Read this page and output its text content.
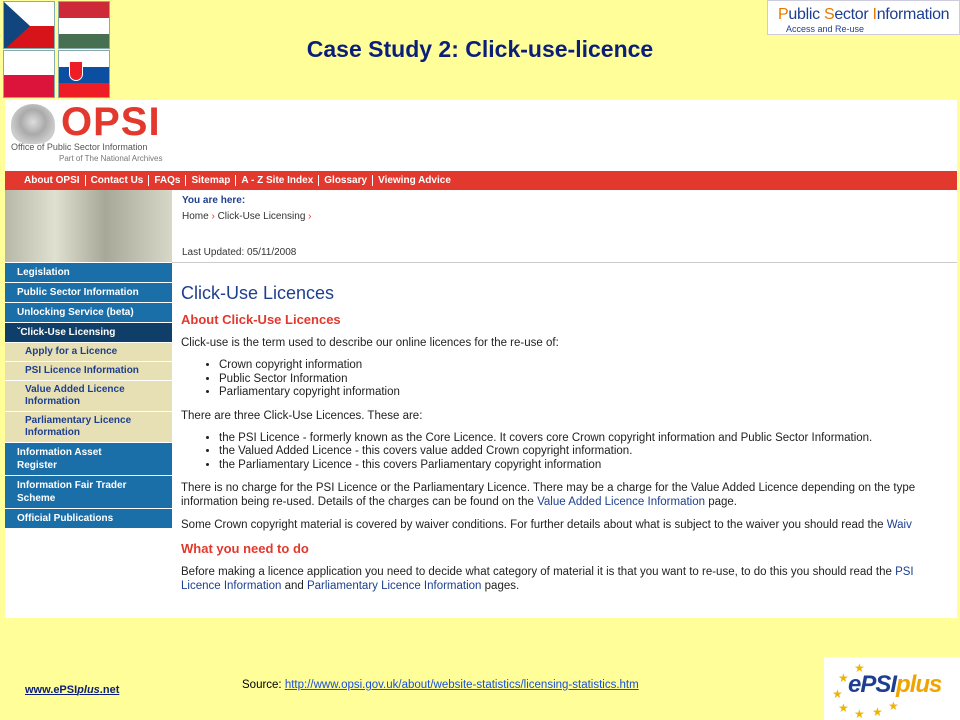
Case Study 2: Click-use-licence
Public Sector Information
Access and Re-use
OPSI
Office of Public Sector Information
Part of The National Archives
About OPSI	Contact Us	FAQs	Sitemap	A - Z Site Index	Glossary	Viewing Advice
You are here:
Home › Click-Use Licensing ›
Last Updated: 05/11/2008
Legislation
Public Sector Information
Unlocking Service (beta)
ˇClick-Use Licensing
Apply for a Licence
PSI Licence Information
Value Added Licence Information
Parliamentary Licence Information
Information Asset Register
Information Fair Trader Scheme
Official Publications
Click-Use Licences
About Click-Use Licences
Click-use is the term used to describe our online licences for the re-use of:
• Crown copyright information
• Public Sector Information
• Parliamentary copyright information
There are three Click-Use Licences. These are:
• the PSI Licence - formerly known as the Core Licence. It covers core Crown copyright information and Public Sector Information.
• the Valued Added Licence - this covers value added Crown copyright information.
• the Parliamentary Licence - this covers Parliamentary copyright information
There is no charge for the PSI Licence or the Parliamentary Licence. There may be a charge for the Value Added Licence depending on the type
information being re-used. Details of the charges can be found on the Value Added Licence Information page.
Some Crown copyright material is covered by waiver conditions. For further details about what is subject to the waiver you should read the Waiv
What you need to do
Before making a licence application you need to decide what category of material it is that you want to re-use, to do this you should read the PSI
Licence Information and Parliamentary Licence Information pages.
www.ePSIplus.net	Source: http://www.opsi.gov.uk/about/website-statistics/licensing-statistics.htm
★
★
★
★ ★ ★ ★
ePSIplus
